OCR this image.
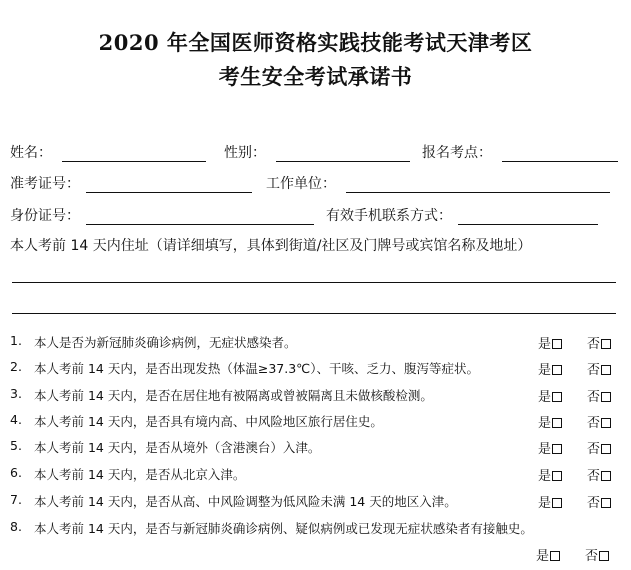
2020 年全国医师资格实践技能考试天津考区
考生安全考试承诺书
姓名：	性别：	报名考点：
准考证号：	工作单位：
身份证号：	有效手机联系方式：
本人考前 14 天内住址（请详细填写，具体到街道/社区及门牌号或宾馆名称及地址）
1. 本人是否为新冠肺炎确诊病例，无症状感染者。	是	否
2. 本人考前 14 天内，是否出现发热（体温≥37.3℃）、干咳、乏力、腹泻等症状。	是	否
3. 本人考前 14 天内，是否在居住地有被隔离或曾被隔离且未做核酸检测。	是	否
4. 本人考前 14 天内，是否具有境内高、中风险地区旅行居住史。	是	否
5. 本人考前 14 天内，是否从境外（含港澳台）入津。	是	否
6. 本人考前 14 天内，是否从北京入津。	是	否
7. 本人考前 14 天内，是否从高、中风险调整为低风险未满 14 天的地区入津。	是	否
8. 本人考前 14 天内，是否与新冠肺炎确诊病例、疑似病例或已发现无症状感染者有接触史。
是	否
